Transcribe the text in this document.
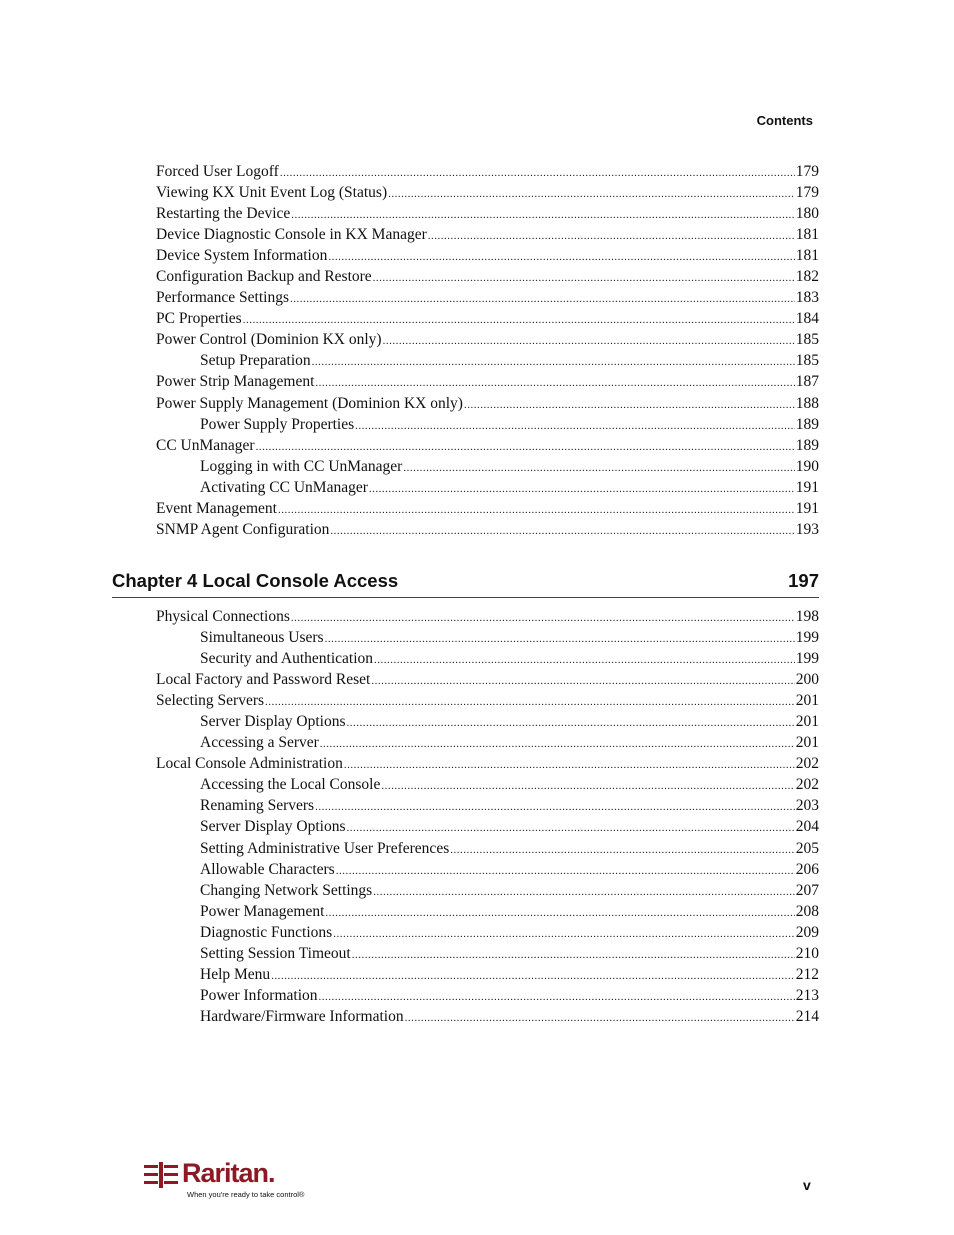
Contents
Forced User Logoff .....	179
Viewing KX Unit Event Log (Status) .....	179
Restarting the Device .....	180
Device Diagnostic Console in KX Manager .....	181
Device System Information .....	181
Configuration Backup and Restore .....	182
Performance Settings .....	183
PC Properties .....	184
Power Control (Dominion KX only) .....	185
Setup Preparation .....	185
Power Strip Management .....	187
Power Supply Management (Dominion KX only) .....	188
Power Supply Properties .....	189
CC UnManager .....	189
Logging in with CC UnManager .....	190
Activating CC UnManager .....	191
Event Management .....	191
SNMP Agent Configuration .....	193
Chapter 4 Local Console Access	197
Physical Connections .....	198
Simultaneous Users .....	199
Security and Authentication .....	199
Local Factory and Password Reset .....	200
Selecting Servers .....	201
Server Display Options .....	201
Accessing a Server .....	201
Local Console Administration .....	202
Accessing the Local Console .....	202
Renaming Servers .....	203
Server Display Options .....	204
Setting Administrative User Preferences .....	205
Allowable Characters .....	206
Changing Network Settings .....	207
Power Management .....	208
Diagnostic Functions .....	209
Setting Session Timeout .....	210
Help Menu .....	212
Power Information .....	213
Hardware/Firmware Information .....	214
Raritan.
When you're ready to take control®
v
